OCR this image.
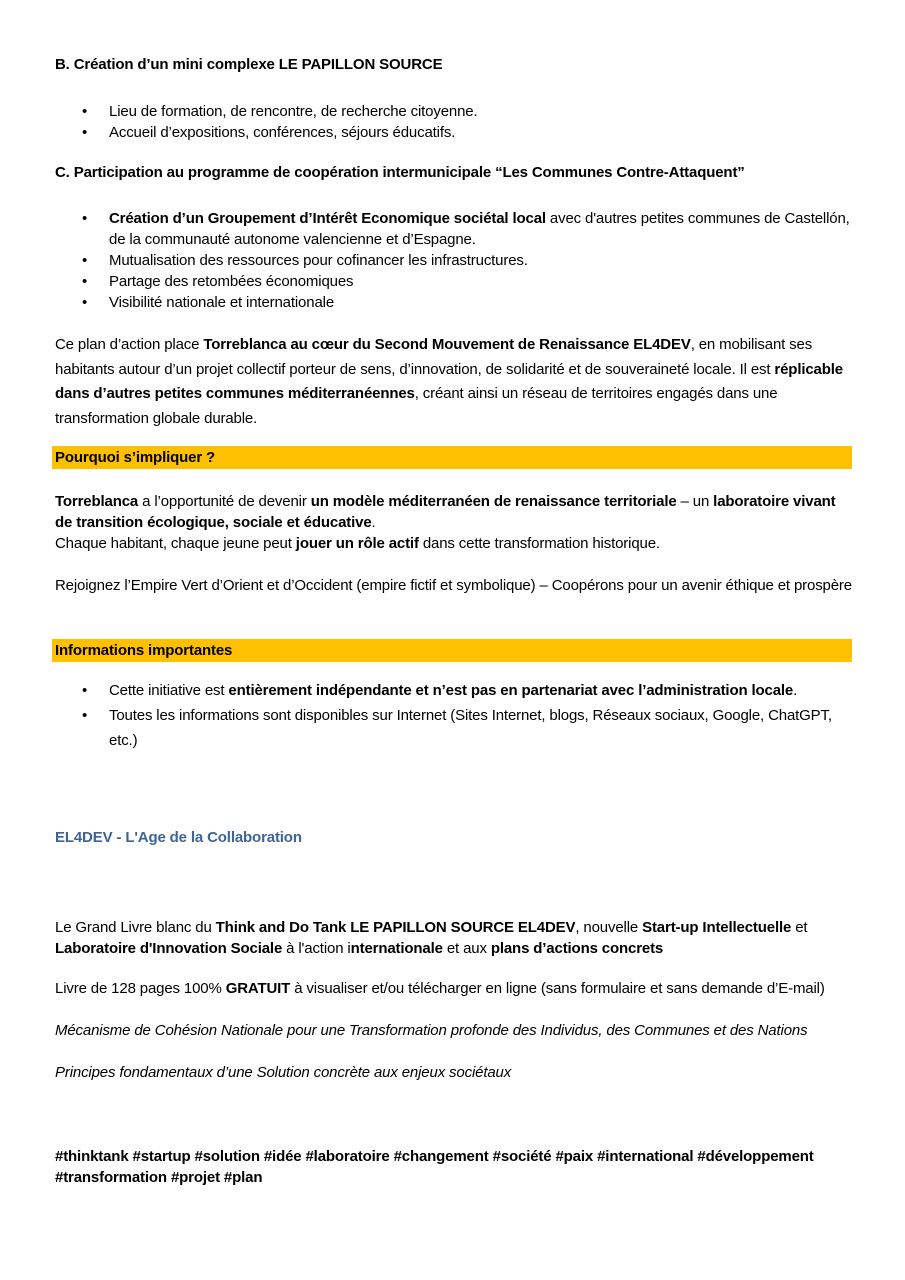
B. Création d’un mini complexe LE PAPILLON SOURCE
• Lieu de formation, de rencontre, de recherche citoyenne.
• Accueil d’expositions, conférences, séjours éducatifs.
C. Participation au programme de coopération intermunicipale “Les Communes Contre-Attaquent”
• Création d’un Groupement d’Intérêt Economique sociétal local avec d'autres petites communes de Castellón, de la communauté autonome valencienne et d’Espagne.
• Mutualisation des ressources pour cofinancer les infrastructures.
• Partage des retombées économiques
• Visibilité nationale et internationale
Ce plan d’action place Torreblanca au cœur du Second Mouvement de Renaissance EL4DEV, en mobilisant ses habitants autour d’un projet collectif porteur de sens, d’innovation, de solidarité et de souveraineté locale. Il est réplicable dans d’autres petites communes méditerranéennes, créant ainsi un réseau de territoires engagés dans une transformation globale durable.
Pourquoi s’impliquer ?
Torreblanca a l’opportunité de devenir un modèle méditerranéen de renaissance territoriale – un laboratoire vivant de transition écologique, sociale et éducative.
Chaque habitant, chaque jeune peut jouer un rôle actif dans cette transformation historique.
Rejoignez l’Empire Vert d’Orient et d’Occident (empire fictif et symbolique) – Coopérons pour un avenir éthique et prospère
Informations importantes
• Cette initiative est entièrement indépendante et n’est pas en partenariat avec l’administration locale.
• Toutes les informations sont disponibles sur Internet (Sites Internet, blogs, Réseaux sociaux, Google, ChatGPT, etc.)
EL4DEV - L'Age de la Collaboration
Le Grand Livre blanc du Think and Do Tank LE PAPILLON SOURCE EL4DEV, nouvelle Start-up Intellectuelle et Laboratoire d'Innovation Sociale à l'action internationale et aux plans d’actions concrets
Livre de 128 pages 100% GRATUIT à visualiser et/ou télécharger en ligne (sans formulaire et sans demande d’E-mail)
Mécanisme de Cohésion Nationale pour une Transformation profonde des Individus, des Communes et des Nations
Principes fondamentaux d’une Solution concrète aux enjeux sociétaux
#thinktank #startup #solution #idée #laboratoire #changement #société #paix #international #développement
#transformation #projet #plan
